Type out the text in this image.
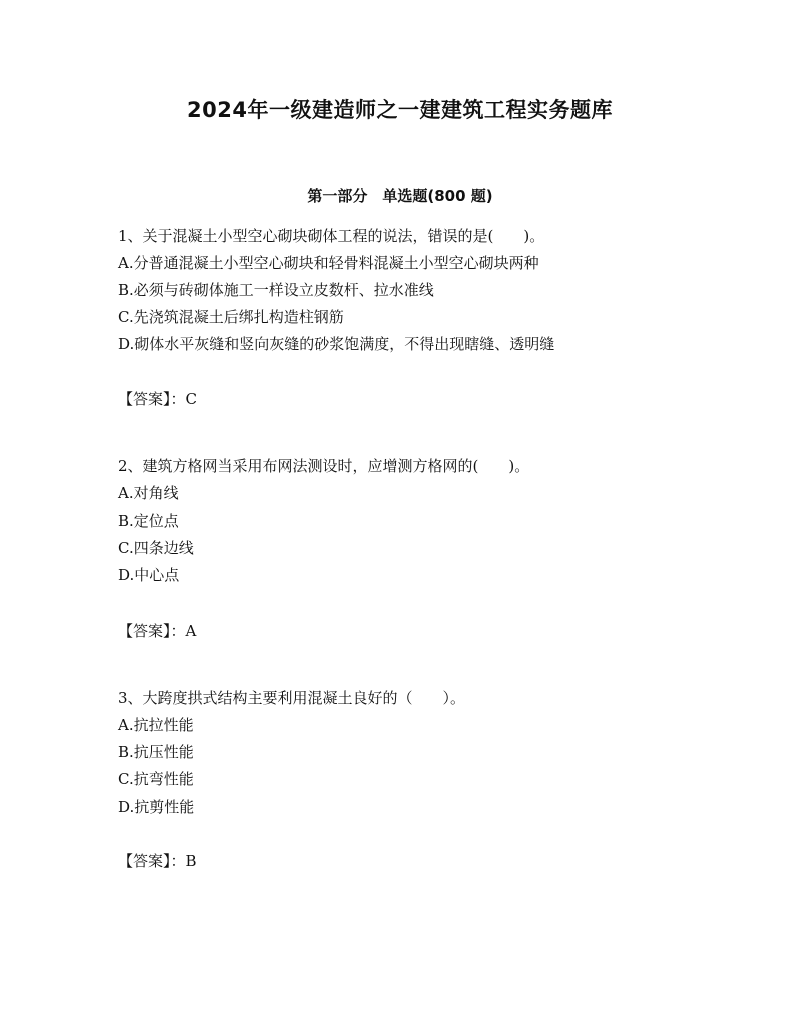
2024年一级建造师之一建建筑工程实务题库
第一部分　单选题(800 题)
1、关于混凝土小型空心砌块砌体工程的说法，错误的是(　　)。
A.分普通混凝土小型空心砌块和轻骨料混凝土小型空心砌块两种
B.必须与砖砌体施工一样设立皮数杆、拉水准线
C.先浇筑混凝土后绑扎构造柱钢筋
D.砌体水平灰缝和竖向灰缝的砂浆饱满度，不得出现瞎缝、透明缝
【答案】：C
2、建筑方格网当采用布网法测设时，应增测方格网的(　　)。
A.对角线
B.定位点
C.四条边线
D.中心点
【答案】：A
3、大跨度拱式结构主要利用混凝土良好的（　　）。
A.抗拉性能
B.抗压性能
C.抗弯性能
D.抗剪性能
【答案】：B
